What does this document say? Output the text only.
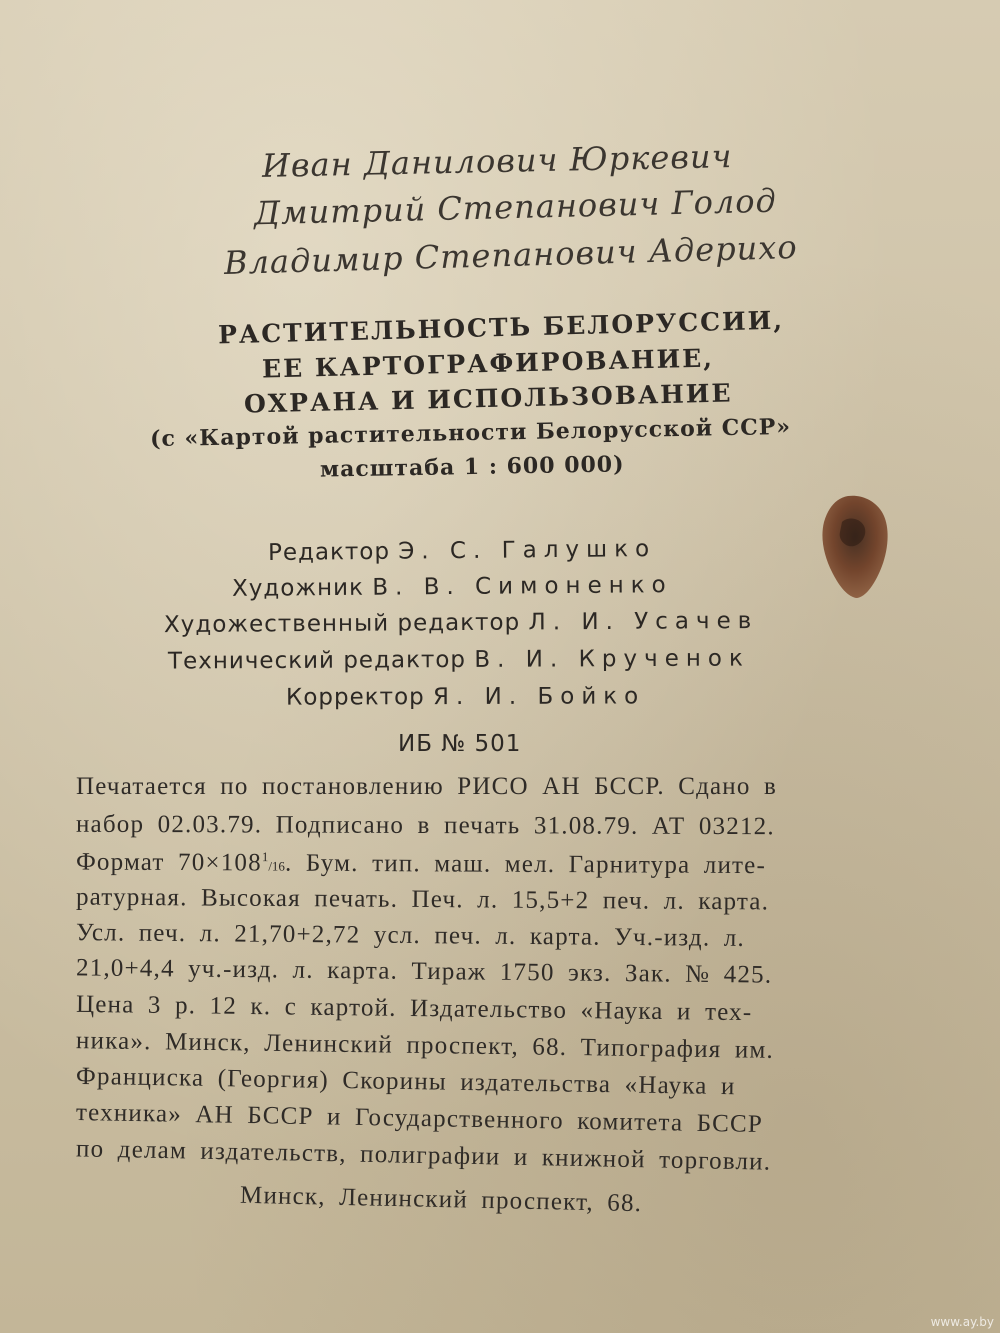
Иван Данилович Юркевич
Дмитрий Степанович Голод
Владимир Степанович Адерихо
РАСТИТЕЛЬНОСТЬ БЕЛОРУССИИ,
ЕЕ КАРТОГРАФИРОВАНИЕ,
ОХРАНА И ИСПОЛЬЗОВАНИЕ
(с «Картой растительности Белорусской ССР»
масштаба 1 : 600 000)
Редактор Э. С. Галушко
Художник В. В. Симоненко
Художественный редактор Л. И. Усачев
Технический редактор В. И. Крученок
Корректор Я. И. Бойко
ИБ № 501
Печатается по постановлению РИСО АН БССР. Сдано в
набор 02.03.79. Подписано в печать 31.08.79. АТ 03212.
Формат $70\times 108^1/16$. Бум. тип. маш. мел. Гарнитура лите-
ратурная. Высокая печать. Печ. л. 15,5+2 печ. л. карта.
Усл. печ. л. 21,70+2,72 усл. печ. л. карта. Уч.-изд. л.
21,0+4,4 уч.-изд. л. карта. Тираж 1750 экз. Зак. № 425.
Цена 3 р. 12 к. с картой. Издательство «Наука и тех-
ника». Минск, Ленинский проспект, 68. Типография им.
Франциска (Георгия) Скорины издательства «Наука и
техника» АН БССР и Государственного комитета БССР
по делам издательств, полиграфии и книжной торговли.
Минск, Ленинский проспект, 68.
www.ay.by
